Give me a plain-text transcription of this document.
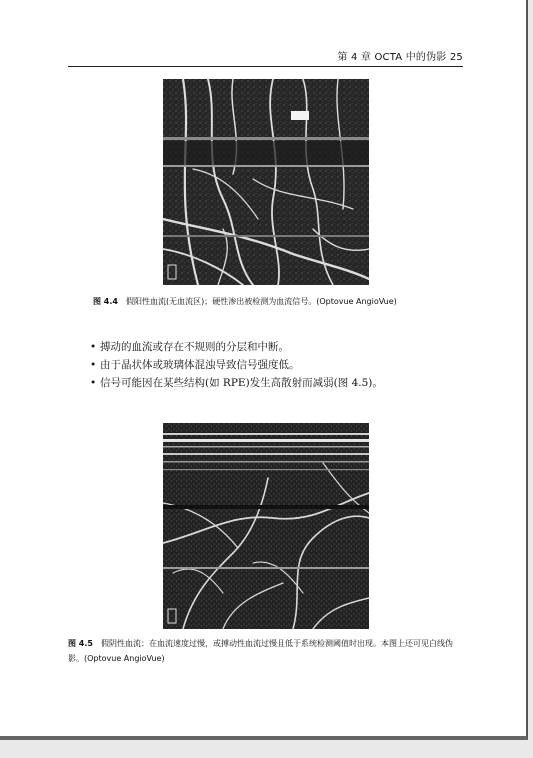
第 4 章 OCTA 中的伪影 25
图 4.4 假阳性血流(无血流区)；硬性渗出被检测为血流信号。(Optovue AngioVue)
• 搏动的血流或存在不规则的分层和中断。
• 由于晶状体或玻璃体混浊导致信号强度低。
• 信号可能因在某些结构(如 RPE)发生高散射而减弱(图 4.5)。
图 4.5 假阴性血流：在血流速度过慢，或搏动性血流过慢且低于系统检测阈值时出现。本图上还可见白线伪影。(Optovue AngioVue)
